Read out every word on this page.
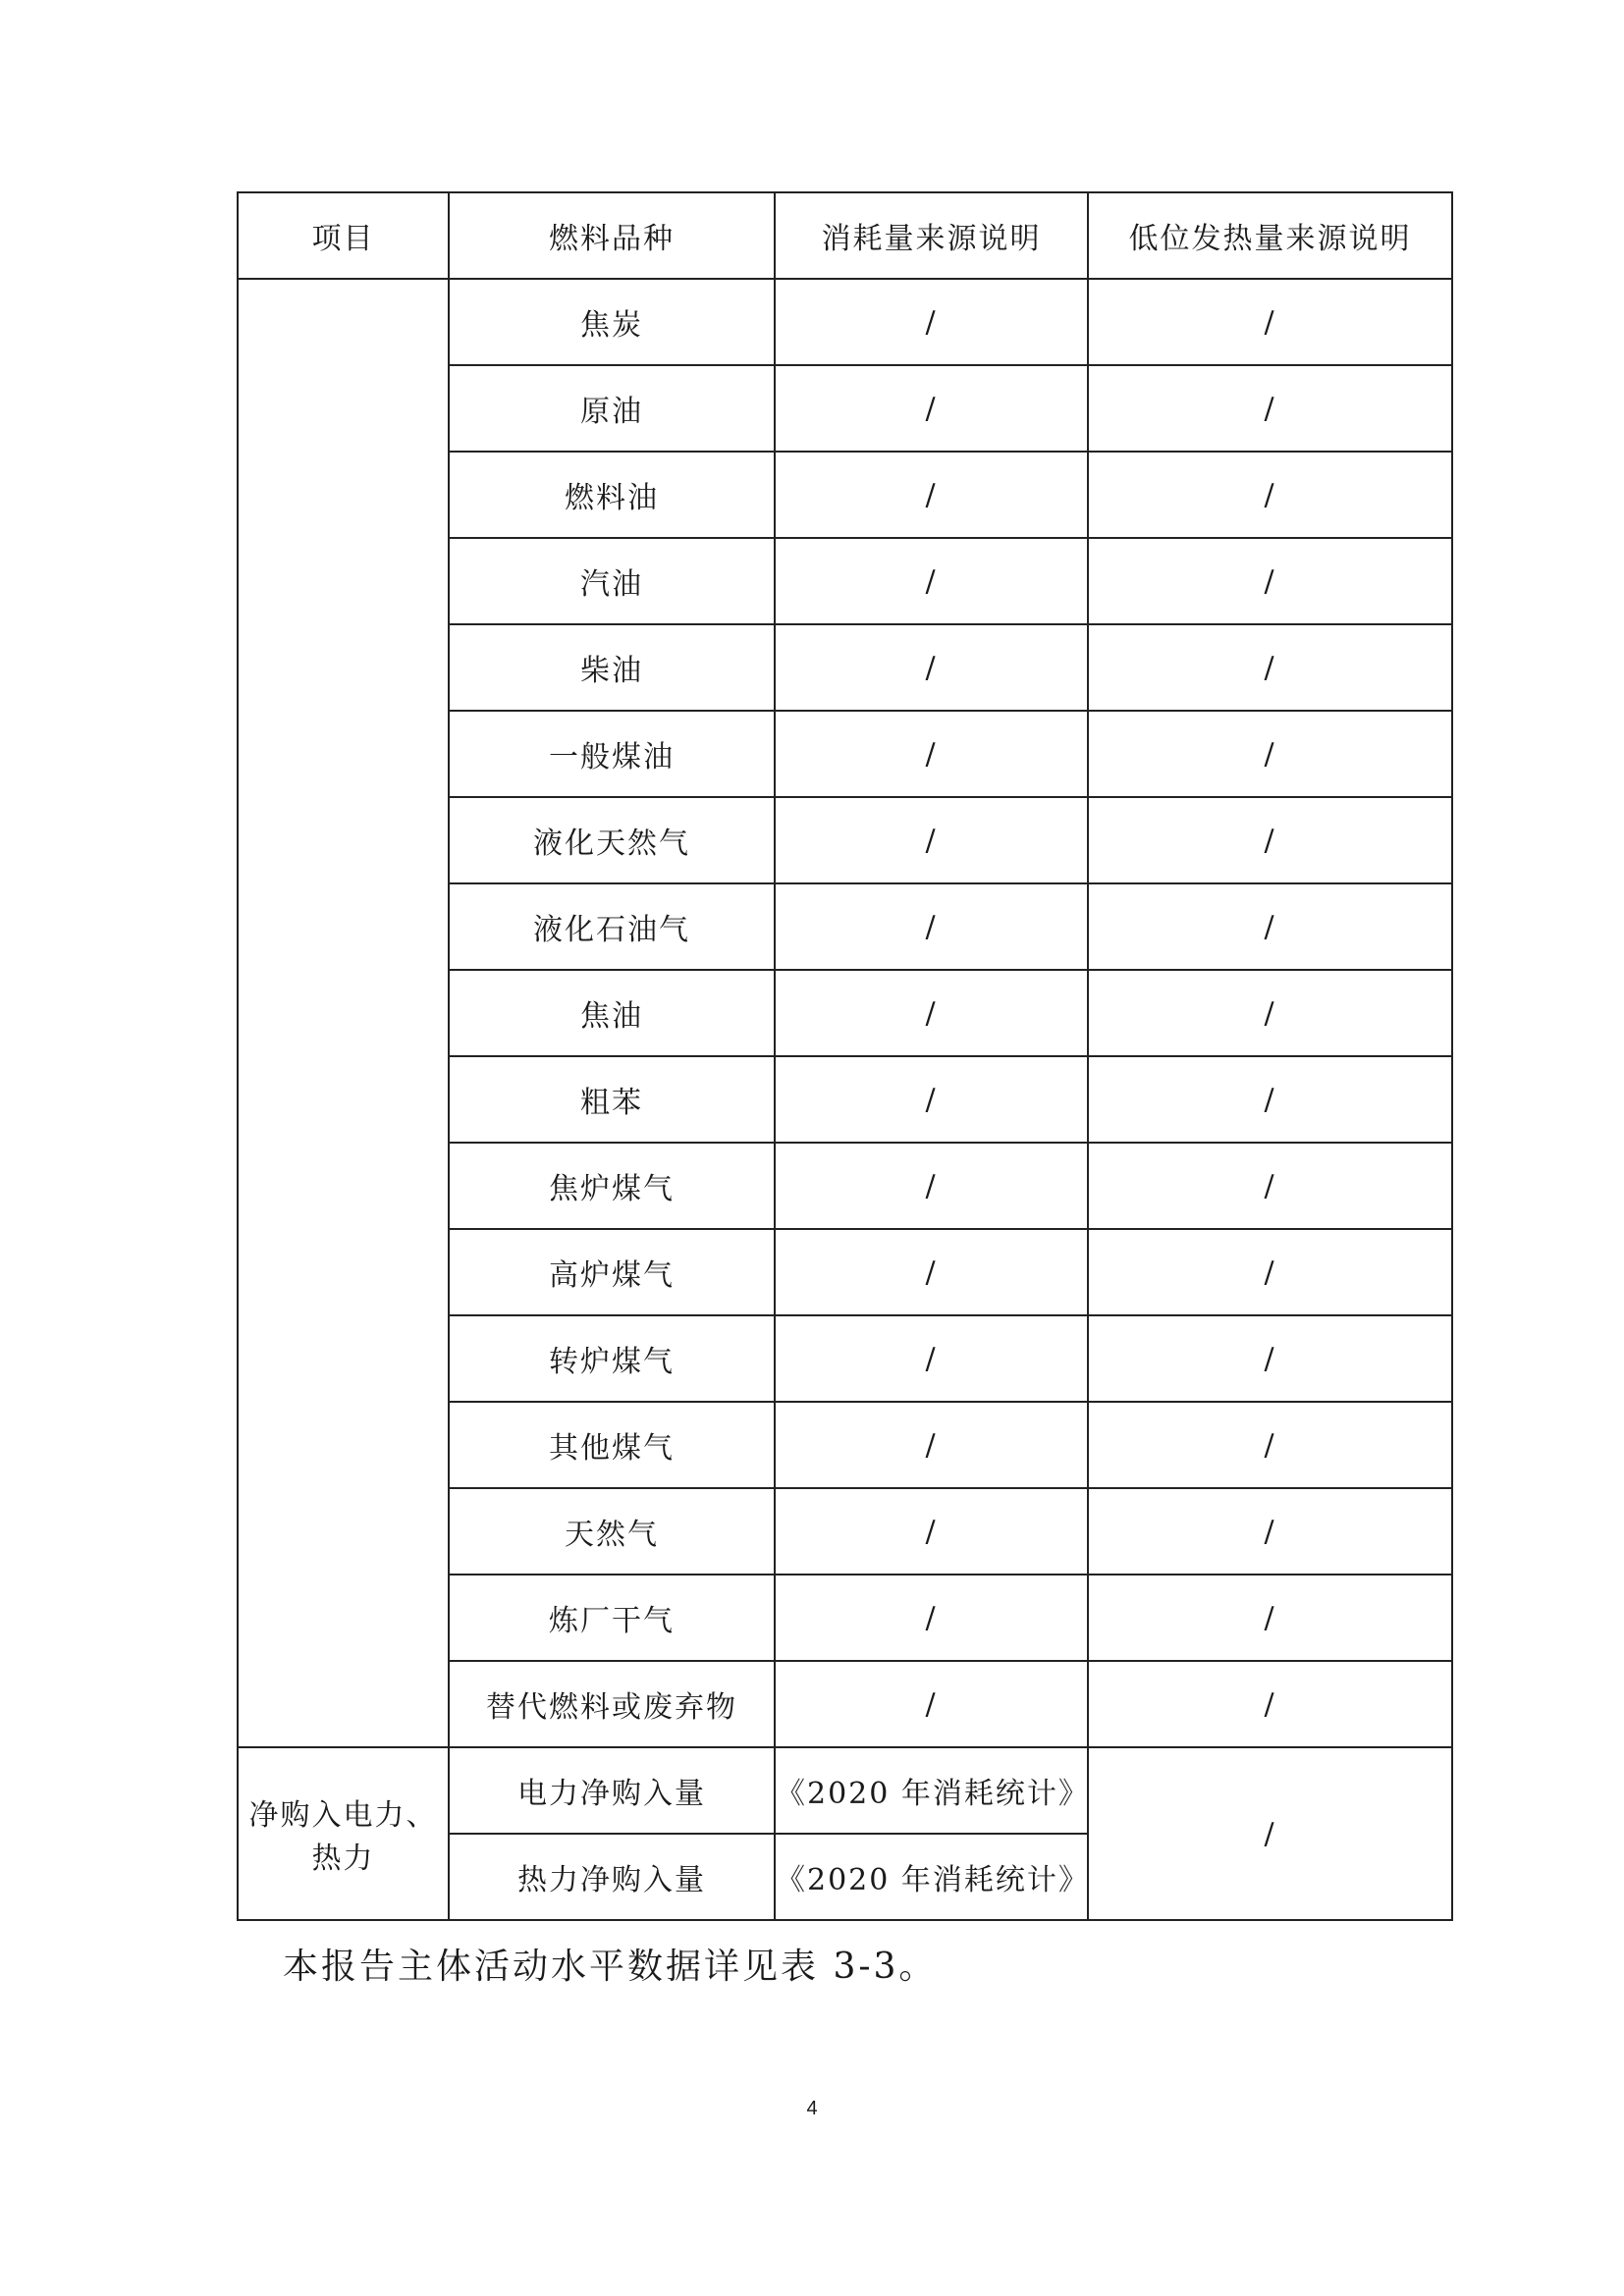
项目	燃料品种	消耗量来源说明	低位发热量来源说明
	焦炭	/	/
	原油	/	/
	燃料油	/	/
	汽油	/	/
	柴油	/	/
	一般煤油	/	/
	液化天然气	/	/
	液化石油气	/	/
	焦油	/	/
	粗苯	/	/
	焦炉煤气	/	/
	高炉煤气	/	/
	转炉煤气	/	/
	其他煤气	/	/
	天然气	/	/
	炼厂干气	/	/
	替代燃料或废弃物	/	/
净购入电力、
热力	电力净购入量	《2020 年消耗统计》	/
	热力净购入量	《2020 年消耗统计》	
本报告主体活动水平数据详见表 3-3。
4
